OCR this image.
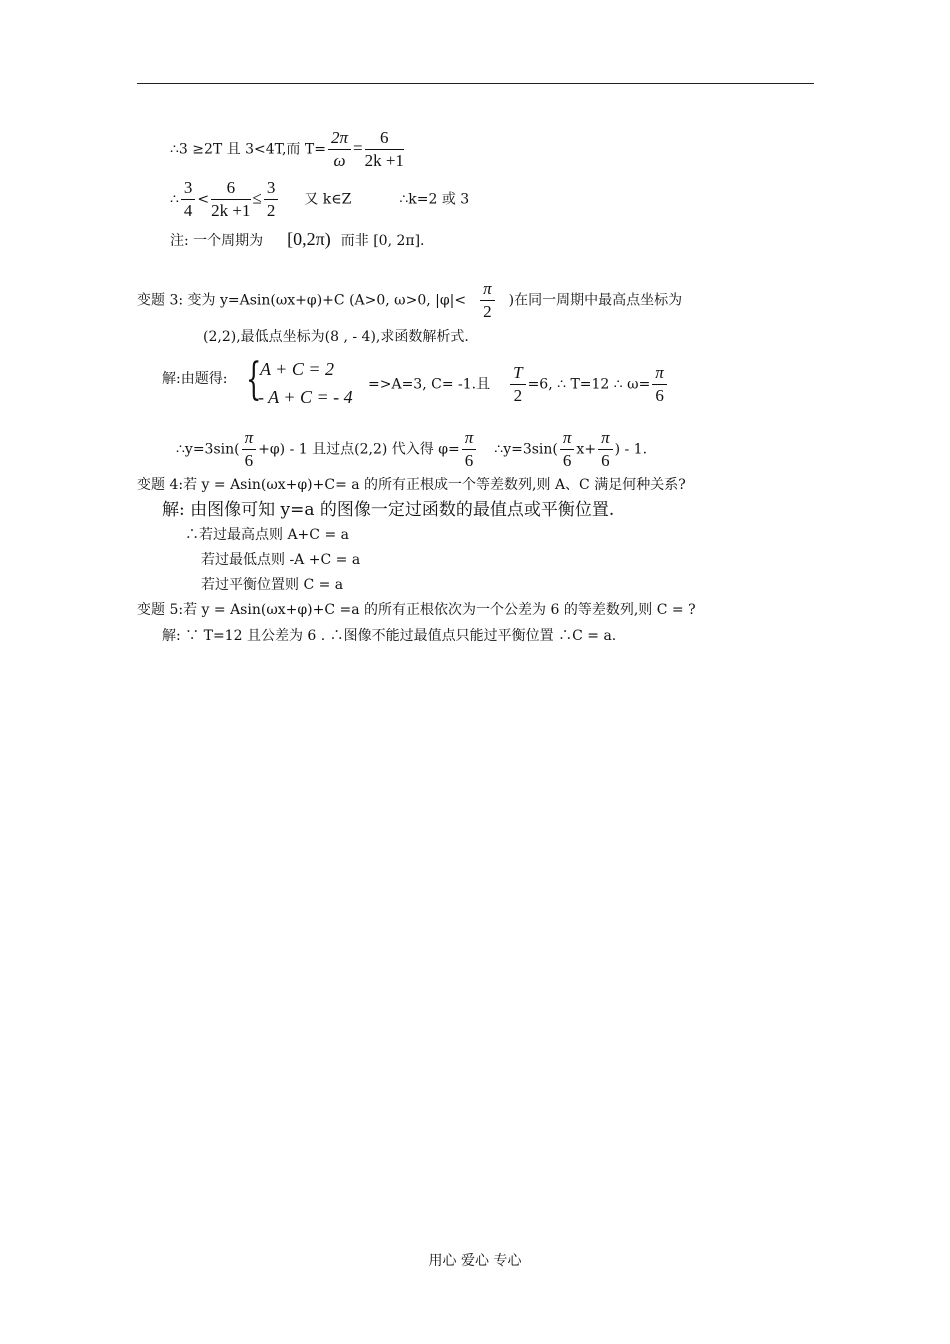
∴3 ≥2T 且 3<4T,而 $T= \frac{2\pi}{\omega} = \frac{6}{2k +1}$
∴ $\frac{3}{4} < \frac{6}{2k +1} \le \frac{3}{2}$ 又 k∈Z	∴k=2 或 3
注: 一个周期为 [0,2π) 而非 [0, 2π].
变题 3: 变为 y=Asin(ωx+φ)+C (A>0, ω>0, $|\varphi|< \frac{\pi}{2}$ )在同一周期中最高点坐标为
(2,2),最低点坐标为(8 , - 4),求函数解析式.
解:由题得: {
A + C = 2
- A + C = - 4
=>A=3, C= -1.且 $\frac{T}{2} =6$, ∴ T=12 ∴ $\omega= \frac{\pi}{6}$
∴y=3sin( $\frac{\pi}{6} +\varphi) - 1$ 且过点(2,2) 代入得 $\varphi= \frac{\pi}{6}$ ∴y=3sin( $\frac{\pi}{6} x+ \frac{\pi}{6}$ ) - 1.
变题 4:若 y = Asin(ωx+φ)+C= a 的所有正根成一个等差数列,则 A、C 满足何种关系?
解: 由图像可知 y=a 的图像一定过函数的最值点或平衡位置.
∴若过最高点则 A+C = a
若过最低点则 -A +C = a
若过平衡位置则 C = a
变题 5:若 y = Asin(ωx+φ)+C =a 的所有正根依次为一个公差为 6 的等差数列,则 C = ?
解: ∵ T=12 且公差为 6 . ∴图像不能过最值点只能过平衡位置 ∴C = a.
用心 爱心 专心
